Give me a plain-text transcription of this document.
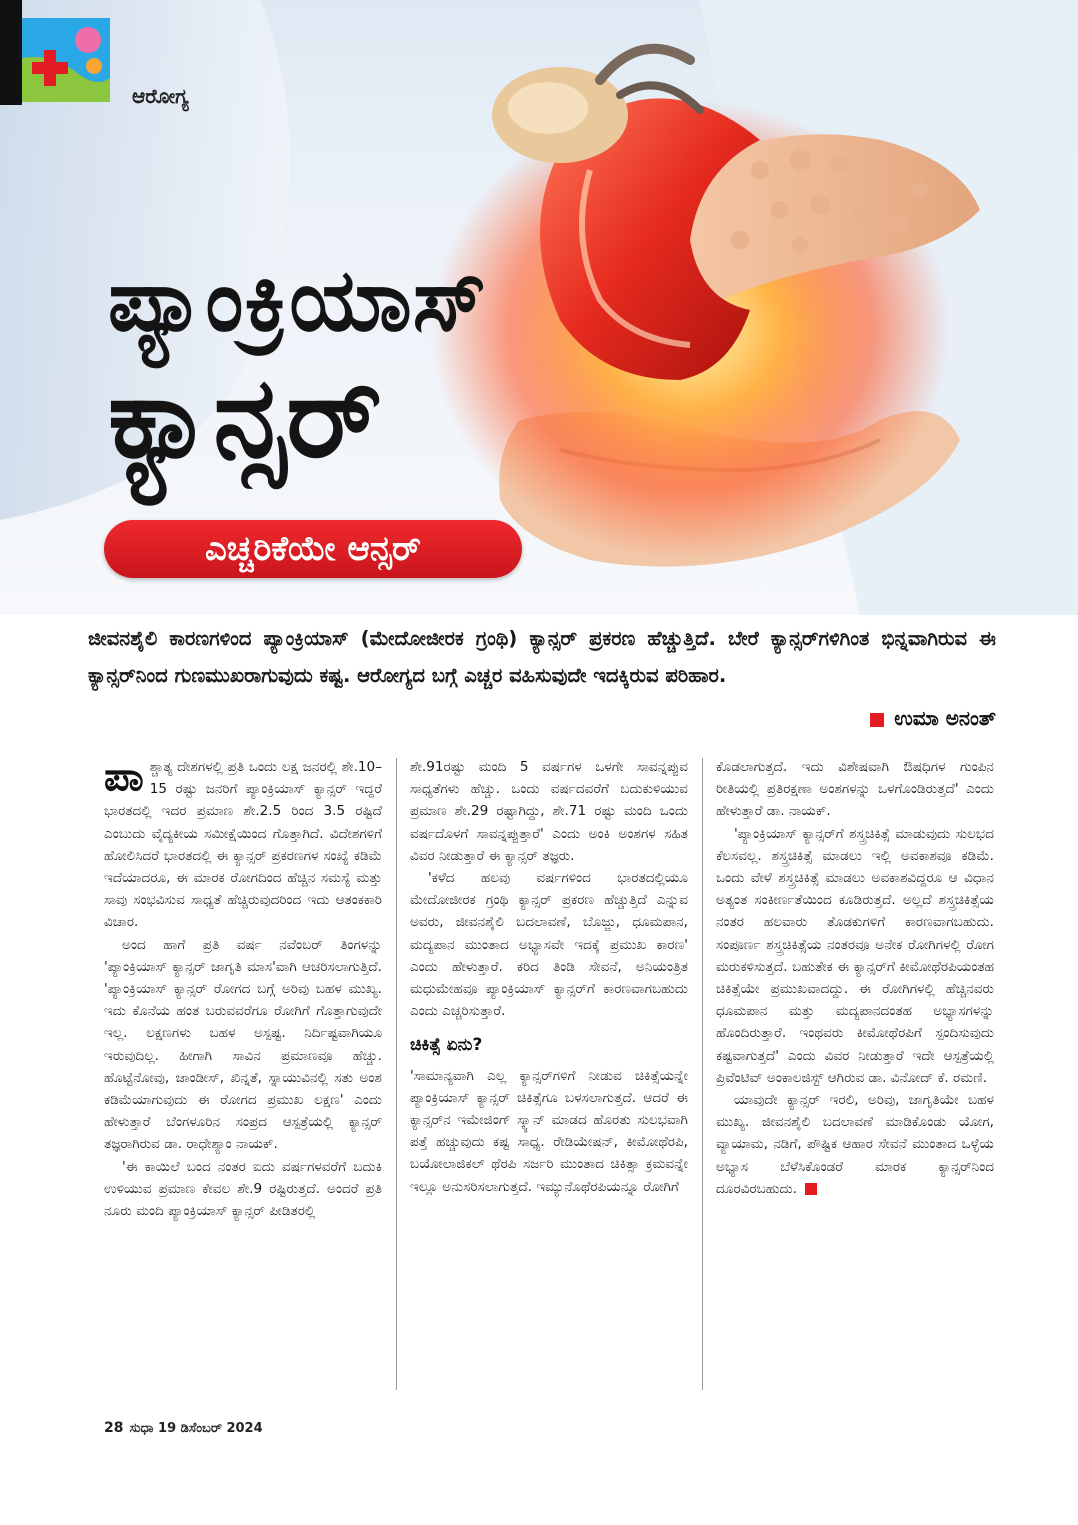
ಆರೋಗ್ಯ
ಪ್ಯಾಂಕ್ರಿಯಾಸ್
ಕ್ಯಾನ್ಸರ್
ಎಚ್ಚರಿಕೆಯೇ ಆನ್ಸರ್
ಜೀವನಶೈಲಿ ಕಾರಣಗಳಿಂದ ಪ್ಯಾಂಕ್ರಿಯಾಸ್ (ಮೇದೋಜೀರಕ ಗ್ರಂಥಿ) ಕ್ಯಾನ್ಸರ್ ಪ್ರಕರಣ ಹೆಚ್ಚುತ್ತಿದೆ. ಬೇರೆ ಕ್ಯಾನ್ಸರ್‌ಗಳಿಗಿಂತ ಭಿನ್ನವಾಗಿರುವ ಈ ಕ್ಯಾನ್ಸರ್‌ನಿಂದ ಗುಣಮುಖರಾಗುವುದು ಕಷ್ಟ. ಆರೋಗ್ಯದ ಬಗ್ಗೆ ಎಚ್ಚರ ವಹಿಸುವುದೇ ಇದಕ್ಕಿರುವ ಪರಿಹಾರ.
ಉಮಾ ಅನಂತ್

ಪಾಶ್ಚಾತ್ಯ ದೇಶಗಳಲ್ಲಿ ಪ್ರತಿ ಒಂದು ಲಕ್ಷ ಜನರಲ್ಲಿ ಶೇ.10–15 ರಷ್ಟು ಜನರಿಗೆ ಪ್ಯಾಂಕ್ರಿಯಾಸ್ ಕ್ಯಾನ್ಸರ್ ಇದ್ದರೆ ಭಾರತದಲ್ಲಿ ಇದರ ಪ್ರಮಾಣ ಶೇ.2.5 ರಿಂದ 3.5 ರಷ್ಟಿದೆ ಎಂಬುದು ವೈದ್ಯಕೀಯ ಸಮೀಕ್ಷೆಯಿಂದ ಗೊತ್ತಾಗಿದೆ. ವಿದೇಶಗಳಿಗೆ ಹೋಲಿಸಿದರೆ ಭಾರತದಲ್ಲಿ ಈ ಕ್ಯಾನ್ಸರ್ ಪ್ರಕರಣಗಳ ಸಂಖ್ಯೆ ಕಡಿಮೆ ಇದೆಯಾದರೂ, ಈ ಮಾರಕ ರೋಗದಿಂದ ಹೆಚ್ಚಿನ ಸಮಸ್ಯೆ ಮತ್ತು ಸಾವು ಸಂಭವಿಸುವ ಸಾಧ್ಯತೆ ಹೆಚ್ಚಿರುವುದರಿಂದ ಇದು ಆತಂಕಕಾರಿ ವಿಚಾರ.

ಅಂದ ಹಾಗೆ ಪ್ರತಿ ವರ್ಷ ನವೆಂಬರ್ ತಿಂಗಳನ್ನು 'ಪ್ಯಾಂಕ್ರಿಯಾಸ್ ಕ್ಯಾನ್ಸರ್ ಜಾಗೃತಿ ಮಾಸ'ವಾಗಿ ಆಚರಿಸಲಾಗುತ್ತಿದೆ. 'ಪ್ಯಾಂಕ್ರಿಯಾಸ್ ಕ್ಯಾನ್ಸರ್ ರೋಗದ ಬಗ್ಗೆ ಅರಿವು ಬಹಳ ಮುಖ್ಯ. ಇದು ಕೊನೆಯ ಹಂತ ಬರುವವರೆಗೂ ರೋಗಿಗೆ ಗೊತ್ತಾಗುವುದೇ ಇಲ್ಲ. ಲಕ್ಷಣಗಳು ಬಹಳ ಅಸ್ಪಷ್ಟ. ನಿರ್ದಿಷ್ಟವಾಗಿಯೂ ಇರುವುದಿಲ್ಲ. ಹೀಗಾಗಿ ಸಾವಿನ ಪ್ರಮಾಣವೂ ಹೆಚ್ಚು. ಹೊಟ್ಟೆನೋವು, ಜಾಂಡೀಸ್, ಖಿನ್ನತೆ, ಸ್ನಾಯುವಿನಲ್ಲಿ ಸತು ಅಂಶ ಕಡಿಮೆಯಾಗುವುದು ಈ ರೋಗದ ಪ್ರಮುಖ ಲಕ್ಷಣ' ಎಂದು ಹೇಳುತ್ತಾರೆ ಬೆಂಗಳೂರಿನ ಸಂಪ್ರದ ಆಸ್ಪತ್ರೆಯಲ್ಲಿ ಕ್ಯಾನ್ಸರ್ ತಜ್ಞರಾಗಿರುವ ಡಾ. ರಾಧೇಶ್ಯಾಂ ನಾಯಕ್.

'ಈ ಕಾಯಿಲೆ ಬಂದ ನಂತರ ಐದು ವರ್ಷಗಳವರೆಗೆ ಬದುಕಿ ಉಳಿಯುವ ಪ್ರಮಾಣ ಕೇವಲ ಶೇ.9 ರಷ್ಟಿರುತ್ತದೆ. ಅಂದರೆ ಪ್ರತಿ ನೂರು ಮಂದಿ ಪ್ಯಾಂಕ್ರಿಯಾಸ್ ಕ್ಯಾನ್ಸರ್ ಪೀಡಿತರಲ್ಲಿ

ಶೇ.91ರಷ್ಟು ಮಂದಿ 5 ವರ್ಷಗಳ ಒಳಗೇ ಸಾವನ್ನಪ್ಪುವ ಸಾಧ್ಯತೆಗಳು ಹೆಚ್ಚು. ಒಂದು ವರ್ಷದವರೆಗೆ ಬದುಕುಳಿಯುವ ಪ್ರಮಾಣ ಶೇ.29 ರಷ್ಟಾಗಿದ್ದು, ಶೇ.71 ರಷ್ಟು ಮಂದಿ ಒಂದು ವರ್ಷದೊಳಗೆ ಸಾವನ್ನಪ್ಪುತ್ತಾರೆ' ಎಂದು ಅಂಕಿ ಅಂಶಗಳ ಸಹಿತ ವಿವರ ನೀಡುತ್ತಾರೆ ಈ ಕ್ಯಾನ್ಸರ್ ತಜ್ಞರು.

'ಕಳೆದ ಹಲವು ವರ್ಷಗಳಿಂದ ಭಾರತದಲ್ಲಿಯೂ ಮೇದೋಜೀರಕ ಗ್ರಂಥಿ ಕ್ಯಾನ್ಸರ್ ಪ್ರಕರಣ ಹೆಚ್ಚುತ್ತಿದೆ ಎನ್ನುವ ಅವರು, ಜೀವನಶೈಲಿ ಬದಲಾವಣೆ, ಬೊಜ್ಜು, ಧೂಮಪಾನ, ಮದ್ಯಪಾನ ಮುಂತಾದ ಅಭ್ಯಾಸವೇ ಇದಕ್ಕೆ ಪ್ರಮುಖ ಕಾರಣ' ಎಂದು ಹೇಳುತ್ತಾರೆ. ಕರಿದ ತಿಂಡಿ ಸೇವನೆ, ಅನಿಯಂತ್ರಿತ ಮಧುಮೇಹವೂ ಪ್ಯಾಂಕ್ರಿಯಾಸ್ ಕ್ಯಾನ್ಸರ್‌ಗೆ ಕಾರಣವಾಗಬಹುದು ಎಂದು ಎಚ್ಚರಿಸುತ್ತಾರೆ.

ಚಿಕಿತ್ಸೆ ಏನು?

'ಸಾಮಾನ್ಯವಾಗಿ ಎಲ್ಲ ಕ್ಯಾನ್ಸರ್‌ಗಳಿಗೆ ನೀಡುವ ಚಿಕಿತ್ಸೆಯನ್ನೇ ಪ್ಯಾಂಕ್ರಿಯಾಸ್ ಕ್ಯಾನ್ಸರ್ ಚಿಕಿತ್ಸೆಗೂ ಬಳಸಲಾಗುತ್ತದೆ. ಆದರೆ ಈ ಕ್ಯಾನ್ಸರ್‌ನ ಇಮೇಜಿಂಗ್ ಸ್ಕ್ಯಾನ್ ಮಾಡದ ಹೊರತು ಸುಲಭವಾಗಿ ಪತ್ತೆ ಹಚ್ಚುವುದು ಕಷ್ಟ ಸಾಧ್ಯ. ರೇಡಿಯೇಷನ್, ಕೀಮೋಥೆರಪಿ, ಬಯೋಲಾಜಿಕಲ್ ಥೆರಪಿ ಸರ್ಜರಿ ಮುಂತಾದ ಚಿಕಿತ್ಸಾ ಕ್ರಮವನ್ನೇ ಇಲ್ಲೂ ಅನುಸರಿಸಲಾಗುತ್ತದೆ. ಇಮ್ಯುನೊಥೆರಪಿಯನ್ನೂ ರೋಗಿಗೆ

ಕೊಡಲಾಗುತ್ತದೆ. ಇದು ವಿಶೇಷವಾಗಿ ಔಷಧಿಗಳ ಗುಂಪಿನ ರೀತಿಯಲ್ಲಿ ಪ್ರತಿರಕ್ಷಣಾ ಅಂಶಗಳನ್ನು ಒಳಗೊಂಡಿರುತ್ತದೆ' ಎಂದು ಹೇಳುತ್ತಾರೆ ಡಾ. ನಾಯಕ್.

'ಪ್ಯಾಂಕ್ರಿಯಾಸ್ ಕ್ಯಾನ್ಸರ್‌ಗೆ ಶಸ್ತ್ರಚಿಕಿತ್ಸೆ ಮಾಡುವುದು ಸುಲಭದ ಕೆಲಸವಲ್ಲ. ಶಸ್ತ್ರಚಿಕಿತ್ಸೆ ಮಾಡಲು ಇಲ್ಲಿ ಅವಕಾಶವೂ ಕಡಿಮೆ. ಒಂದು ವೇಳೆ ಶಸ್ತ್ರಚಿಕಿತ್ಸೆ ಮಾಡಲು ಅವಕಾಶವಿದ್ದರೂ ಆ ವಿಧಾನ ಅತ್ಯಂತ ಸಂಕೀರ್ಣತೆಯಿಂದ ಕೂಡಿರುತ್ತದೆ. ಅಲ್ಲದೆ ಶಸ್ತ್ರಚಿಕಿತ್ಸೆಯ ನಂತರ ಹಲವಾರು ತೊಡಕುಗಳಿಗೆ ಕಾರಣವಾಗಬಹುದು. ಸಂಪೂರ್ಣ ಶಸ್ತ್ರಚಿಕಿತ್ಸೆಯ ನಂತರವೂ ಅನೇಕ ರೋಗಿಗಳಲ್ಲಿ ರೋಗ ಮರುಕಳಿಸುತ್ತದೆ. ಬಹುತೇಕ ಈ ಕ್ಯಾನ್ಸರ್‌ಗೆ ಕೀಮೋಥೆರಪಿಯಂತಹ ಚಿಕಿತ್ಸೆಯೇ ಪ್ರಮುಖವಾದದ್ದು. ಈ ರೋಗಿಗಳಲ್ಲಿ ಹೆಚ್ಚಿನವರು ಧೂಮಪಾನ ಮತ್ತು ಮದ್ಯಪಾನದಂತಹ ಅಭ್ಯಾಸಗಳನ್ನು ಹೊಂದಿರುತ್ತಾರೆ. ಇಂಥವರು ಕೀಮೋಥೆರಪಿಗೆ ಸ್ಪಂದಿಸುವುದು ಕಷ್ಟವಾಗುತ್ತದೆ' ಎಂದು ವಿವರ ನೀಡುತ್ತಾರೆ ಇದೇ ಆಸ್ಪತ್ರೆಯಲ್ಲಿ ಪ್ರಿವೆಂಟಿವ್ ಅಂಕಾಲಜಿಸ್ಟ್ ಆಗಿರುವ ಡಾ. ವಿನೋದ್ ಕೆ. ರಮಣಿ.

ಯಾವುದೇ ಕ್ಯಾನ್ಸರ್ ಇರಲಿ, ಅರಿವು, ಜಾಗೃತಿಯೇ ಬಹಳ ಮುಖ್ಯ. ಜೀವನಶೈಲಿ ಬದಲಾವಣೆ ಮಾಡಿಕೊಂಡು ಯೋಗ, ವ್ಯಾಯಾಮ, ನಡಿಗೆ, ಪೌಷ್ಟಿಕ ಆಹಾರ ಸೇವನೆ ಮುಂತಾದ ಒಳ್ಳೆಯ ಅಭ್ಯಾಸ ಬೆಳೆಸಿಕೊಂಡರೆ ಮಾರಕ ಕ್ಯಾನ್ಸರ್‌ನಿಂದ ದೂರವಿರಬಹುದು.

28 ಸುಧಾ 19 ಡಿಸೆಂಬರ್ 2024
